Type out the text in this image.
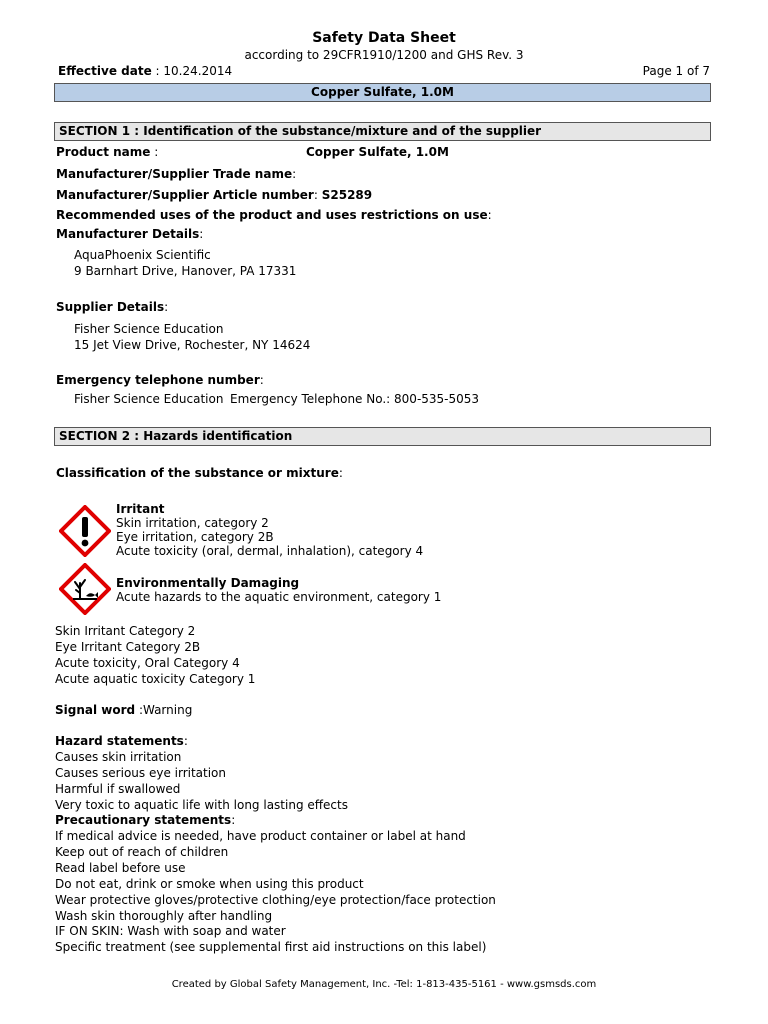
Safety Data Sheet
according to 29CFR1910/1200 and GHS Rev. 3
Effective date : 10.24.2014	Page 1 of 7
Copper Sulfate, 1.0M
SECTION 1 : Identification of the substance/mixture and of the supplier
Product name :	Copper Sulfate, 1.0M
Manufacturer/Supplier Trade name:
Manufacturer/Supplier Article number: S25289
Recommended uses of the product and uses restrictions on use:
Manufacturer Details:
AquaPhoenix Scientific
9 Barnhart Drive, Hanover, PA 17331
Supplier Details:
Fisher Science Education
15 Jet View Drive, Rochester, NY 14624
Emergency telephone number:
Fisher Science Education Emergency Telephone No.: 800-535-5053
SECTION 2 : Hazards identification
Classification of the substance or mixture:
Irritant
Skin irritation, category 2
Eye irritation, category 2B
Acute toxicity (oral, dermal, inhalation), category 4
Environmentally Damaging
Acute hazards to the aquatic environment, category 1
Skin Irritant Category 2
Eye Irritant Category 2B
Acute toxicity, Oral Category 4
Acute aquatic toxicity Category 1
Signal word :Warning
Hazard statements:
Causes skin irritation
Causes serious eye irritation
Harmful if swallowed
Very toxic to aquatic life with long lasting effects
Precautionary statements:
If medical advice is needed, have product container or label at hand
Keep out of reach of children
Read label before use
Do not eat, drink or smoke when using this product
Wear protective gloves/protective clothing/eye protection/face protection
Wash skin thoroughly after handling
IF ON SKIN: Wash with soap and water
Specific treatment (see supplemental first aid instructions on this label)
Created by Global Safety Management, Inc. -Tel: 1-813-435-5161 - www.gsmsds.com
